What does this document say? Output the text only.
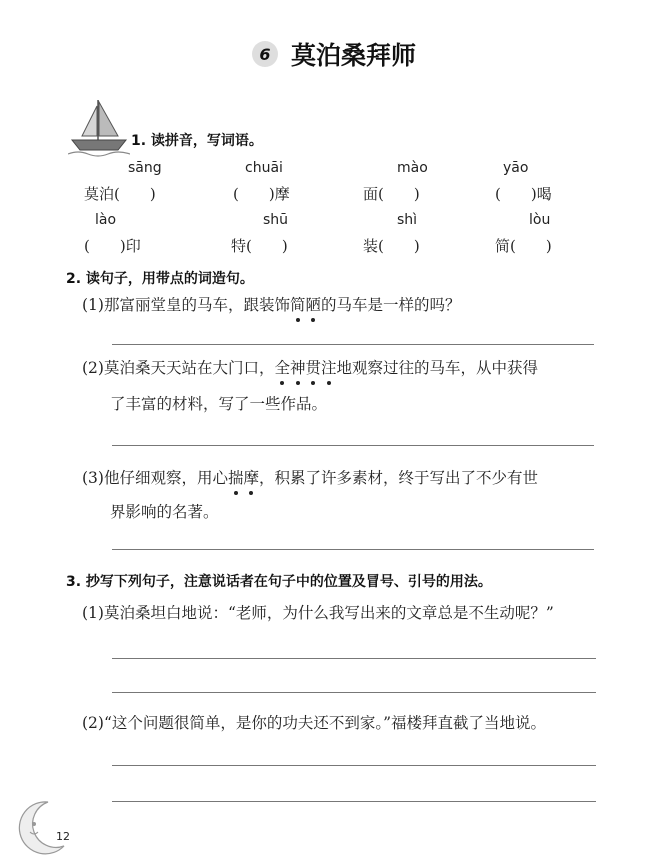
6 莫泊桑拜师
1. 读拼音，写词语。
sāng	chuāi	mào	yāo
莫泊(　　)	(　　)摩	面(　　)	(　　)喝
lào	shū	shì	lòu
(　　)印	特(　　)	装(　　)	简(　　)
2. 读句子，用带点的词造句。
(1)那富丽堂皇的马车，跟装饰简陋的马车是一样的吗？
(2)莫泊桑天天站在大门口，全神贯注地观察过往的马车，从中获得
了丰富的材料，写了一些作品。
(3)他仔细观察，用心揣摩，积累了许多素材，终于写出了不少有世
界影响的名著。
3. 抄写下列句子，注意说话者在句子中的位置及冒号、引号的用法。
(1)莫泊桑坦白地说：“老师，为什么我写出来的文章总是不生动呢？”
(2)“这个问题很简单，是你的功夫还不到家。”福楼拜直截了当地说。
12
